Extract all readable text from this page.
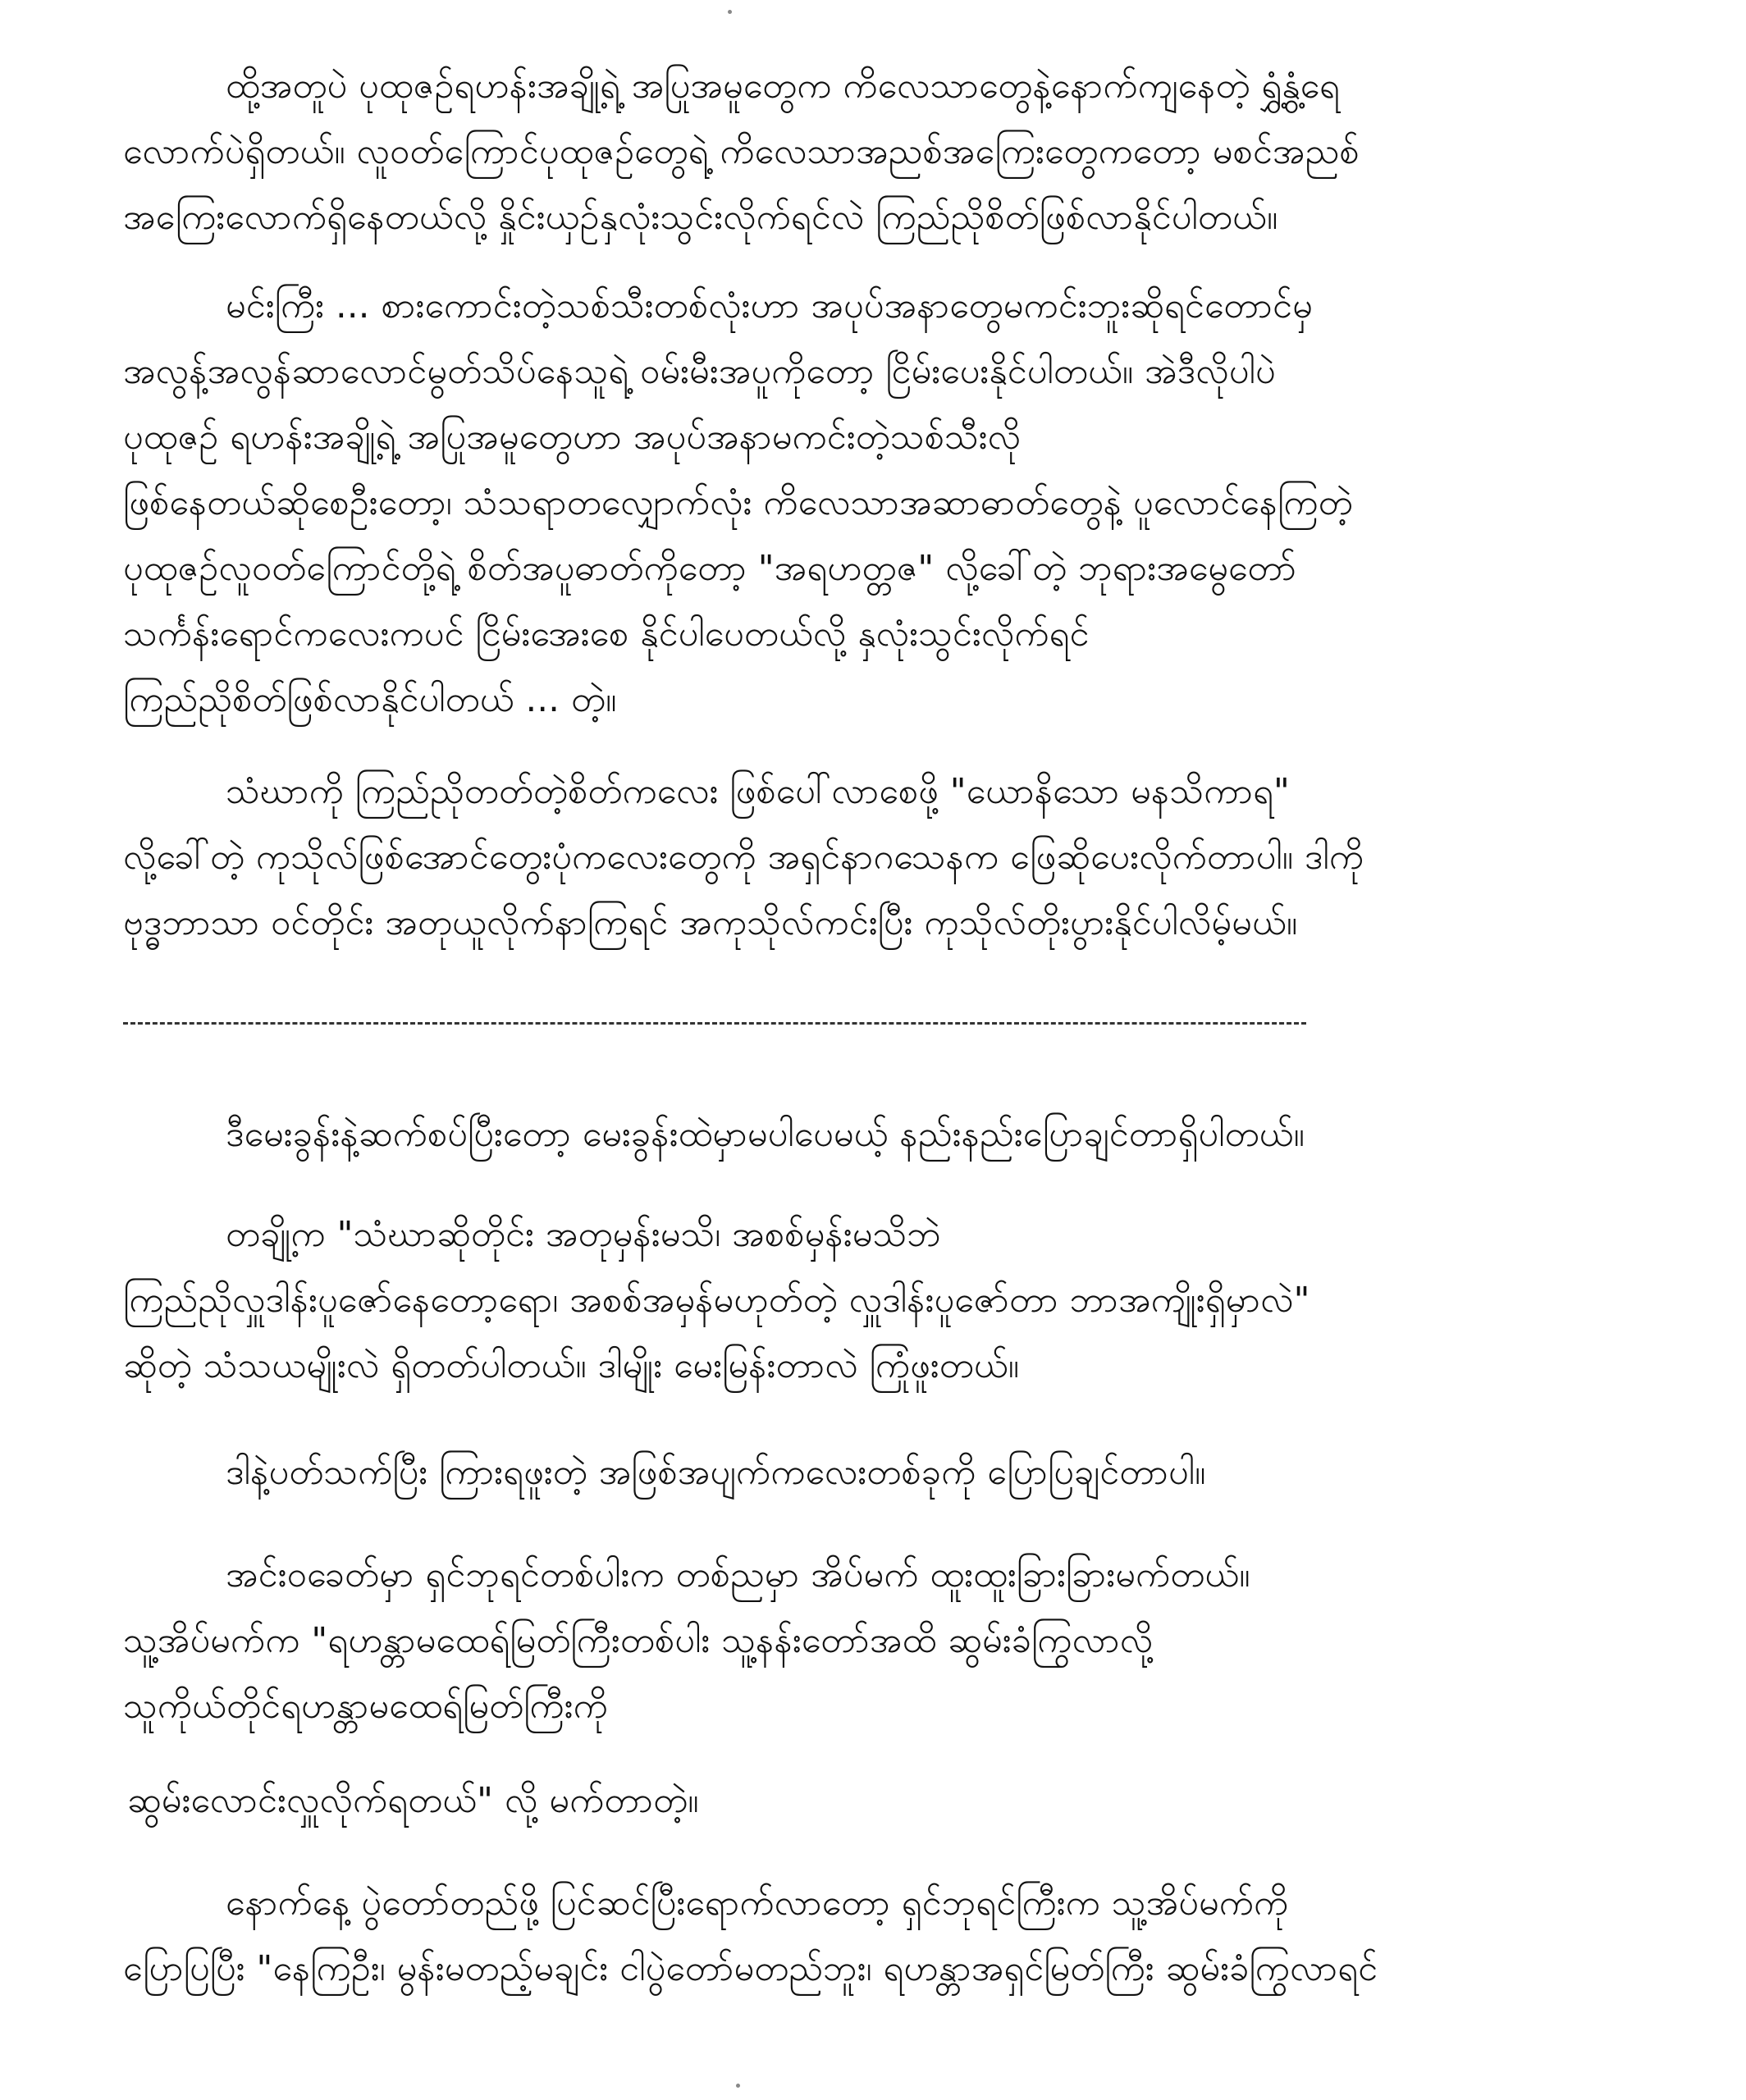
ထို့အတူပဲ ပုထုဇဉ်ရဟန်းအချို့ရဲ့ အပြုအမူတွေက ကိလေသာတွေနဲ့နောက်ကျနေတဲ့ ရွှံ့နွံ့ရေ
လောက်ပဲရှိတယ်။ လူဝတ်ကြောင်ပုထုဇဉ်တွေရဲ့ ကိလေသာအညစ်အကြေးတွေကတော့ မစင်အညစ်
အကြေးလောက်ရှိနေတယ်လို့ နှိုင်းယှဉ်နှလုံးသွင်းလိုက်ရင်လဲ ကြည်ညိုစိတ်ဖြစ်လာနိုင်ပါတယ်။
မင်းကြီး ... စားကောင်းတဲ့သစ်သီးတစ်လုံးဟာ အပုပ်အနာတွေမကင်းဘူးဆိုရင်တောင်မှ
အလွန့်အလွန်ဆာလောင်မွတ်သိပ်နေသူရဲ့ ဝမ်းမီးအပူကိုတော့ ငြိမ်းပေးနိုင်ပါတယ်။ အဲဒီလိုပါပဲ
ပုထုဇဉ် ရဟန်းအချို့ရဲ့ အပြုအမူတွေဟာ အပုပ်အနာမကင်းတဲ့သစ်သီးလို
ဖြစ်နေတယ်ဆိုစေဦးတော့၊ သံသရာတလျှောက်လုံး ကိလေသာအဆာဓာတ်တွေနဲ့ ပူလောင်နေကြတဲ့
ပုထုဇဉ်လူဝတ်ကြောင်တို့ရဲ့ စိတ်အပူဓာတ်ကိုတော့ "အရဟတ္တဇ" လို့ခေါ်တဲ့ ဘုရားအမွေတော်
သင်္ကန်းရောင်ကလေးကပင် ငြိမ်းအေးစေ နိုင်ပါပေတယ်လို့ နှလုံးသွင်းလိုက်ရင်
ကြည်ညိုစိတ်ဖြစ်လာနိုင်ပါတယ် ... တဲ့။
သံဃာကို ကြည်ညိုတတ်တဲ့စိတ်ကလေး ဖြစ်ပေါ်လာစေဖို့ "ယောနိသော မနသိကာရ"
လို့ခေါ်တဲ့ ကုသိုလ်ဖြစ်အောင်တွေးပုံကလေးတွေကို အရှင်နာဂသေနက ဖြေဆိုပေးလိုက်တာပါ။ ဒါကို
ဗုဒ္ဓဘာသာ ဝင်တိုင်း အတုယူလိုက်နာကြရင် အကုသိုလ်ကင်းပြီး ကုသိုလ်တိုးပွားနိုင်ပါလိမ့်မယ်။
ဒီမေးခွန်းနဲ့ဆက်စပ်ပြီးတော့ မေးခွန်းထဲမှာမပါပေမယ့် နည်းနည်းပြောချင်တာရှိပါတယ်။
တချို့က "သံဃာဆိုတိုင်း အတုမှန်းမသိ၊ အစစ်မှန်းမသိဘဲ
ကြည်ညိုလှူဒါန်းပူဇော်နေတော့ရော၊ အစစ်အမှန်မဟုတ်တဲ့ လှူဒါန်းပူဇော်တာ ဘာအကျိုးရှိမှာလဲ"
ဆိုတဲ့ သံသယမျိုးလဲ ရှိတတ်ပါတယ်။ ဒါမျိုး မေးမြန်းတာလဲ ကြုံဖူးတယ်။
ဒါနဲ့ပတ်သက်ပြီး ကြားရဖူးတဲ့ အဖြစ်အပျက်ကလေးတစ်ခုကို ပြောပြချင်တာပါ။
အင်းဝခေတ်မှာ ရှင်ဘုရင်တစ်ပါးက တစ်ညမှာ အိပ်မက် ထူးထူးခြားခြားမက်တယ်။
သူ့အိပ်မက်က "ရဟန္တာမထေရ်မြတ်ကြီးတစ်ပါး သူ့နန်းတော်အထိ ဆွမ်းခံကြွလာလို့
သူကိုယ်တိုင်ရဟန္တာမထေရ်မြတ်ကြီးကို
ဆွမ်းလောင်းလှူလိုက်ရတယ်" လို့ မက်တာတဲ့။
နောက်နေ့ ပွဲတော်တည်ဖို့ ပြင်ဆင်ပြီးရောက်လာတော့ ရှင်ဘုရင်ကြီးက သူ့အိပ်မက်ကို
ပြောပြပြီး "နေကြဦး၊ မွန်းမတည့်မချင်း ငါပွဲတော်မတည်ဘူး၊ ရဟန္တာအရှင်မြတ်ကြီး ဆွမ်းခံကြွလာရင်
